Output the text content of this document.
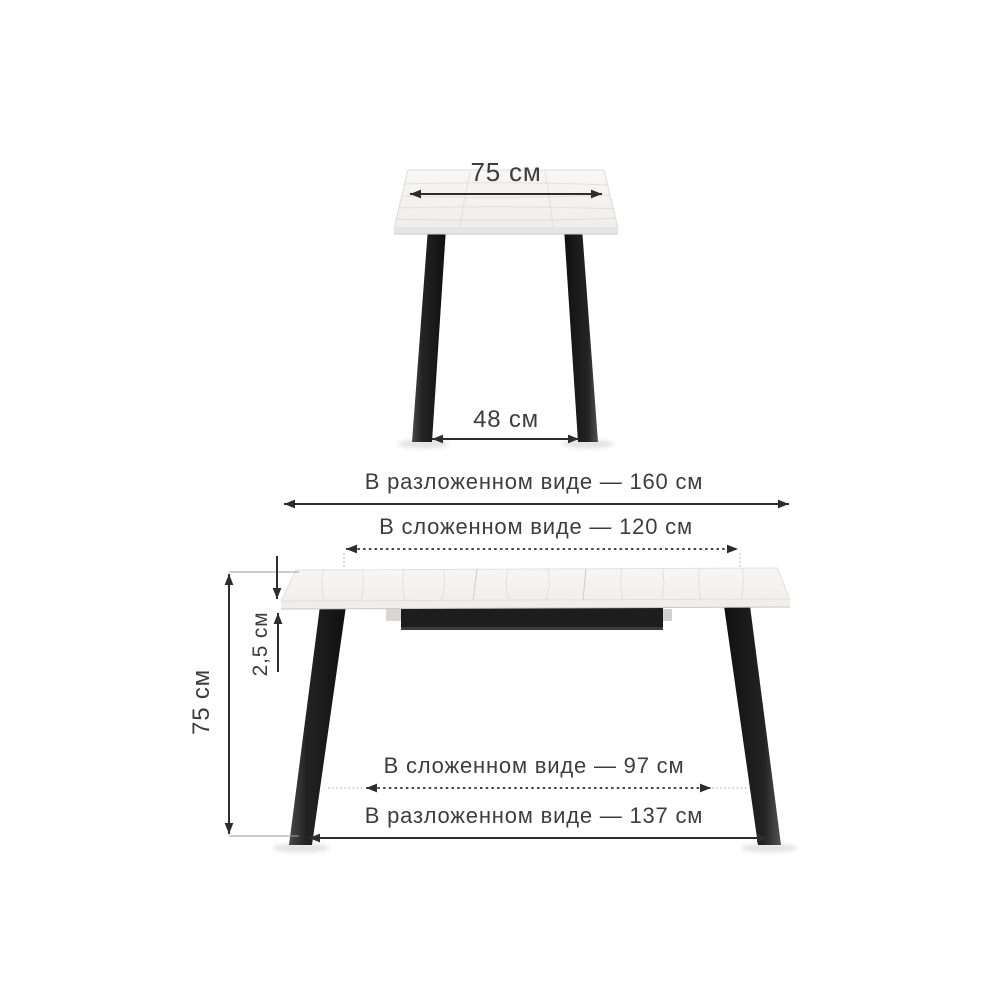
75 см
48 см
В разложенном виде — 160 см
В сложенном виде — 120 см
75 см
2,5 см
В сложенном виде — 97 см
В разложенном виде — 137 см
